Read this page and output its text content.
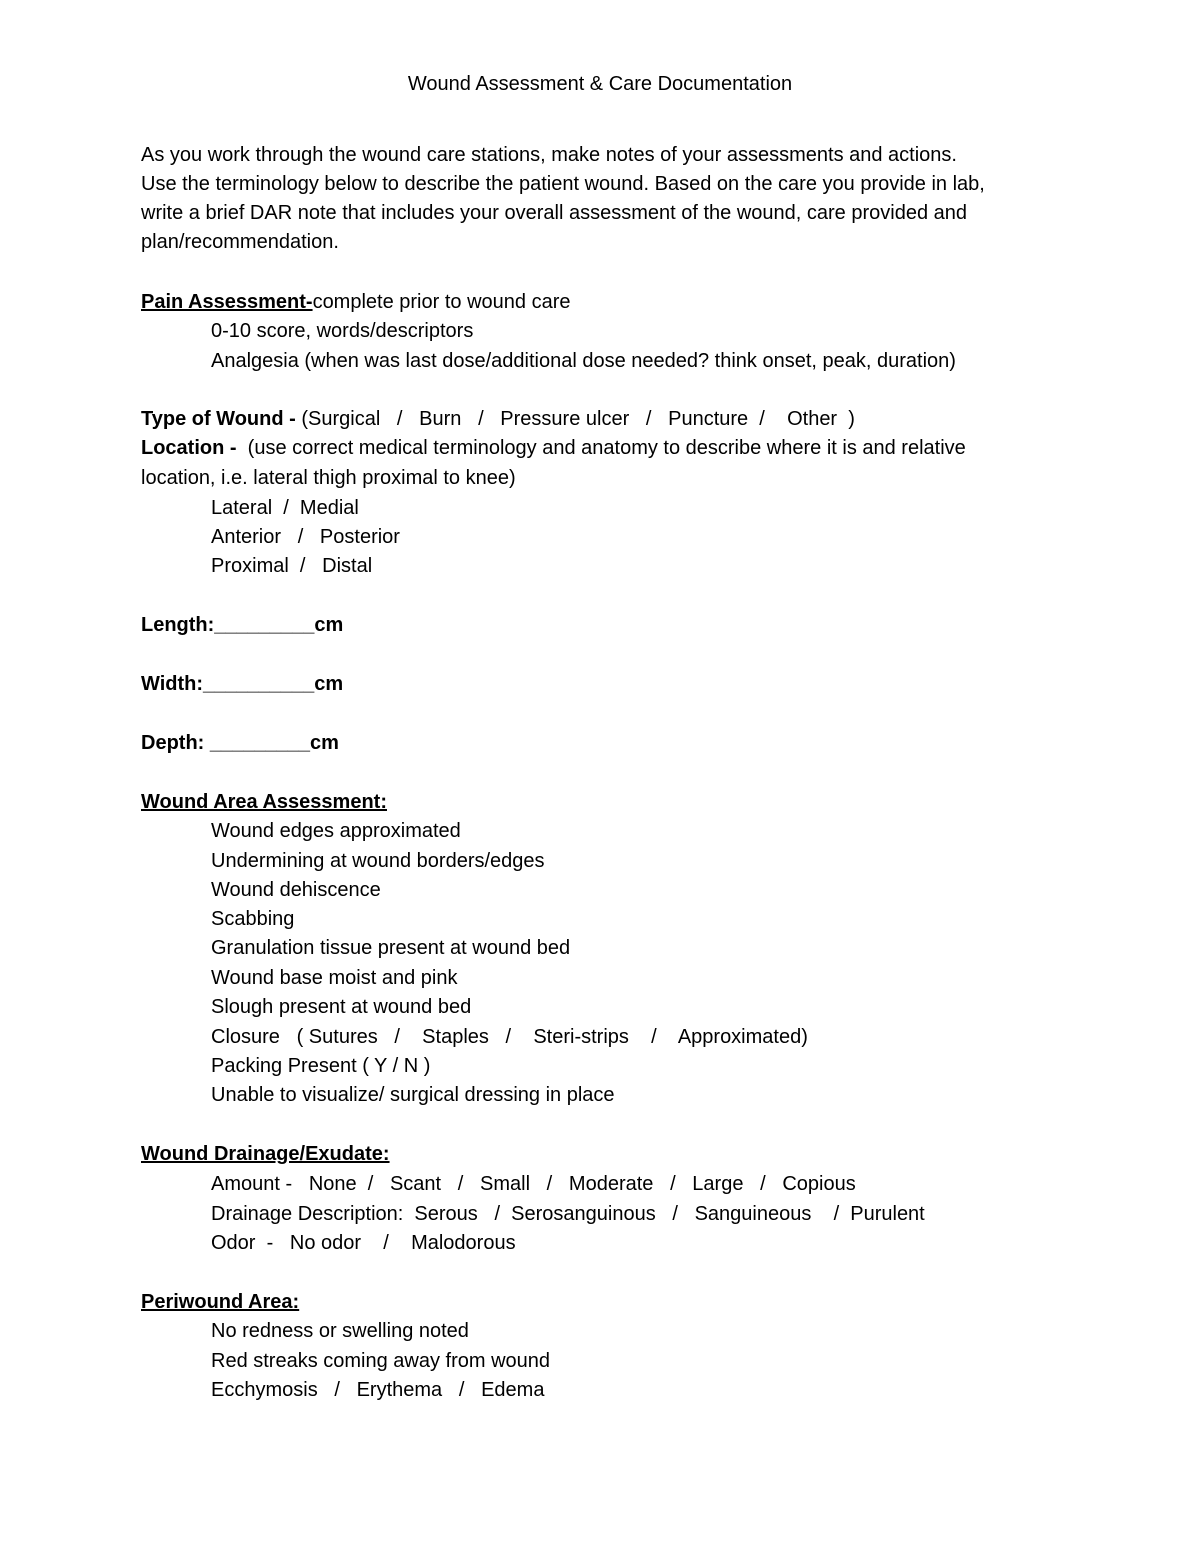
Wound Assessment & Care Documentation
As you work through the wound care stations, make notes of your assessments and actions.
Use the terminology below to describe the patient wound. Based on the care you provide in lab,
write a brief DAR note that includes your overall assessment of the wound, care provided and
plan/recommendation.
Pain Assessment-complete prior to wound care
0-10 score, words/descriptors
Analgesia (when was last dose/additional dose needed? think onset, peak, duration)
Type of Wound - (Surgical   /   Burn   /   Pressure ulcer   /   Puncture  /    Other  )
Location -  (use correct medical terminology and anatomy to describe where it is and relative
location, i.e. lateral thigh proximal to knee)
Lateral  /  Medial
Anterior   /   Posterior
Proximal  /   Distal
Length:_________cm
Width:__________cm
Depth: _________cm
Wound Area Assessment:
Wound edges approximated
Undermining at wound borders/edges
Wound dehiscence
Scabbing
Granulation tissue present at wound bed
Wound base moist and pink
Slough present at wound bed
Closure   ( Sutures   /    Staples   /    Steri-strips    /    Approximated)
Packing Present ( Y / N )
Unable to visualize/ surgical dressing in place
Wound Drainage/Exudate:
Amount -   None  /   Scant   /   Small   /   Moderate   /   Large   /   Copious
Drainage Description:  Serous   /  Serosanguinous   /   Sanguineous    /  Purulent
Odor  -   No odor    /    Malodorous
Periwound Area:
No redness or swelling noted
Red streaks coming away from wound
Ecchymosis   /   Erythema   /   Edema
